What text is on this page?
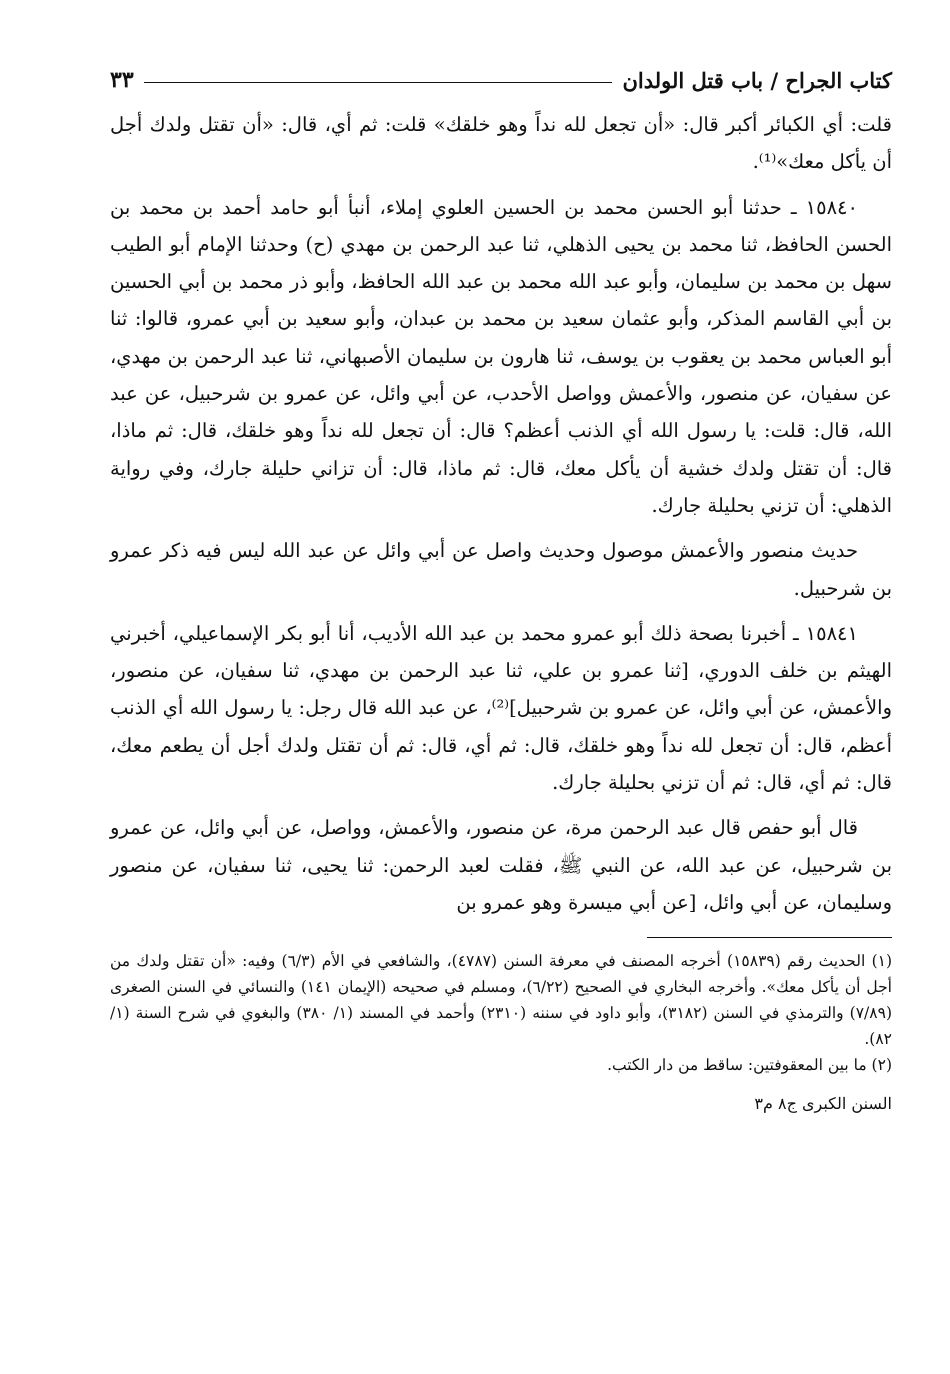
كتاب الجراح / باب قتل الولدان
٣٣

قلت: أي الكبائر أكبر قال: «أن تجعل لله نداً وهو خلقك» قلت: ثم أي، قال: «أن تقتل ولدك أجل أن يأكل معك»⁽¹⁾.

١٥٨٤٠ ـ حدثنا أبو الحسن محمد بن الحسين العلوي إملاء، أنبأ أبو حامد أحمد بن محمد بن الحسن الحافظ، ثنا محمد بن يحيى الذهلي، ثنا عبد الرحمن بن مهدي (ح) وحدثنا الإمام أبو الطيب سهل بن محمد بن سليمان، وأبو عبد الله محمد بن عبد الله الحافظ، وأبو ذر محمد بن أبي الحسين بن أبي القاسم المذكر، وأبو عثمان سعيد بن محمد بن عبدان، وأبو سعيد بن أبي عمرو، قالوا: ثنا أبو العباس محمد بن يعقوب بن يوسف، ثنا هارون بن سليمان الأصبهاني، ثنا عبد الرحمن بن مهدي، عن سفيان، عن منصور، والأعمش وواصل الأحدب، عن أبي وائل، عن عمرو بن شرحبيل، عن عبد الله، قال: قلت: يا رسول الله أي الذنب أعظم؟ قال: أن تجعل لله نداً وهو خلقك، قال: ثم ماذا، قال: أن تقتل ولدك خشية أن يأكل معك، قال: ثم ماذا، قال: أن تزاني حليلة جارك، وفي رواية الذهلي: أن تزني بحليلة جارك.

حديث منصور والأعمش موصول وحديث واصل عن أبي وائل عن عبد الله ليس فيه ذكر عمرو بن شرحبيل.

١٥٨٤١ ـ أخبرنا بصحة ذلك أبو عمرو محمد بن عبد الله الأديب، أنا أبو بكر الإسماعيلي، أخبرني الهيثم بن خلف الدوري، [ثنا عمرو بن علي، ثنا عبد الرحمن بن مهدي، ثنا سفيان، عن منصور، والأعمش، عن أبي وائل، عن عمرو بن شرحبيل]⁽²⁾، عن عبد الله قال رجل: يا رسول الله أي الذنب أعظم، قال: أن تجعل لله نداً وهو خلقك، قال: ثم أي، قال: ثم أن تقتل ولدك أجل أن يطعم معك، قال: ثم أي، قال: ثم أن تزني بحليلة جارك.

قال أبو حفص قال عبد الرحمن مرة، عن منصور، والأعمش، وواصل، عن أبي وائل، عن عمرو بن شرحبيل، عن عبد الله، عن النبي ﷺ، فقلت لعبد الرحمن: ثنا يحيى، ثنا سفيان، عن منصور وسليمان، عن أبي وائل، [عن أبي ميسرة وهو عمرو بن

(١) الحديث رقم (١٥٨٣٩) أخرجه المصنف في معرفة السنن (٤٧٨٧)، والشافعي في الأم (٦/٣) وفيه: «أن تقتل ولدك من أجل أن يأكل معك». وأخرجه البخاري في الصحيح (٦/٢٢)، ومسلم في صحيحه (الإيمان ١٤١) والنسائي في السنن الصغرى (٧/٨٩) والترمذي في السنن (٣١٨٢)، وأبو داود في سننه (٢٣١٠) وأحمد في المسند (١/ ٣٨٠) والبغوي في شرح السنة (١/ ٨٢).

(٢) ما بين المعقوفتين: ساقط من دار الكتب.

السنن الكبرى ج٨ م٣
